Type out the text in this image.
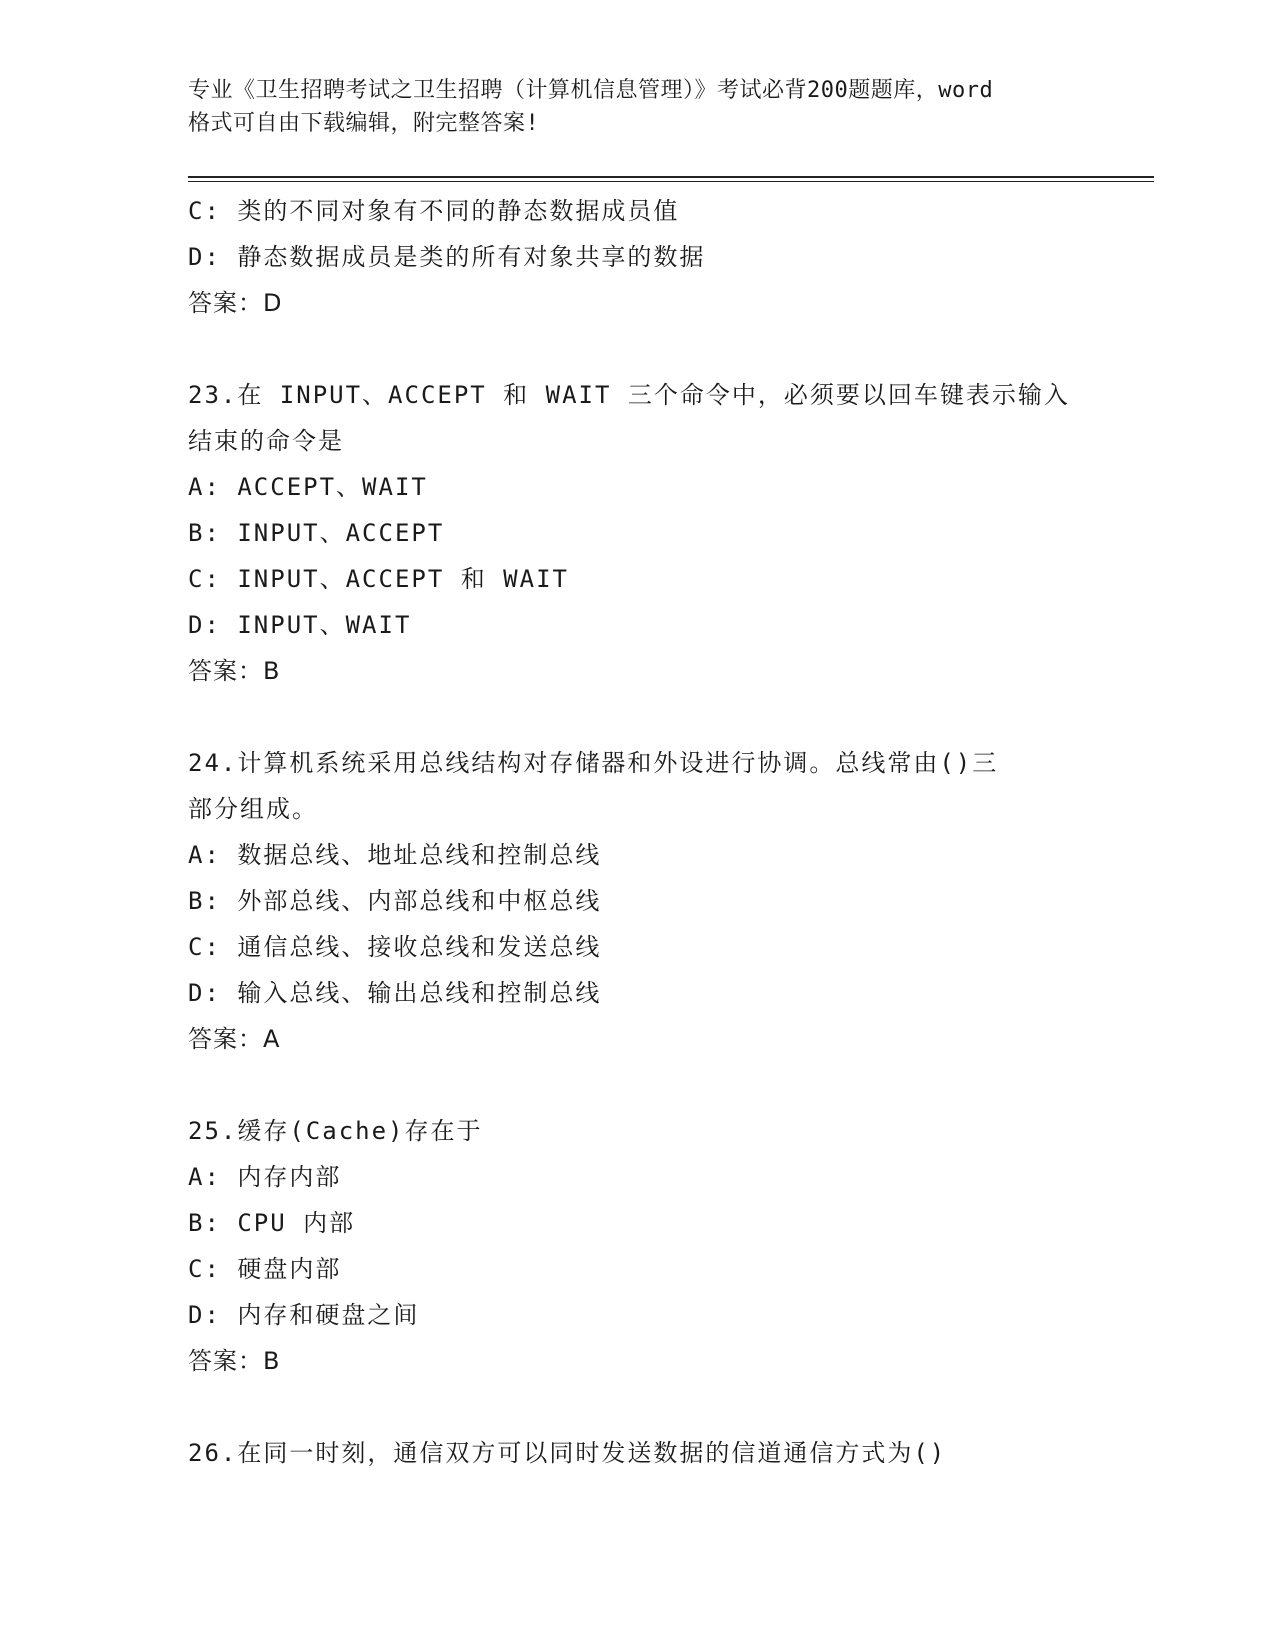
专业《卫生招聘考试之卫生招聘（计算机信息管理）》考试必背200题题库，word
格式可自由下载编辑，附完整答案!
C: 类的不同对象有不同的静态数据成员值
D: 静态数据成员是类的所有对象共享的数据
答案：D
23.在 INPUT、ACCEPT 和 WAIT 三个命令中，必须要以回车键表示输入
结束的命令是
A: ACCEPT、WAIT
B: INPUT、ACCEPT
C: INPUT、ACCEPT 和 WAIT
D: INPUT、WAIT
答案：B
24.计算机系统采用总线结构对存储器和外设进行协调。总线常由()三
部分组成。
A: 数据总线、地址总线和控制总线
B: 外部总线、内部总线和中枢总线
C: 通信总线、接收总线和发送总线
D: 输入总线、输出总线和控制总线
答案：A
25.缓存(Cache)存在于
A: 内存内部
B: CPU 内部
C: 硬盘内部
D: 内存和硬盘之间
答案：B
26.在同一时刻，通信双方可以同时发送数据的信道通信方式为()
